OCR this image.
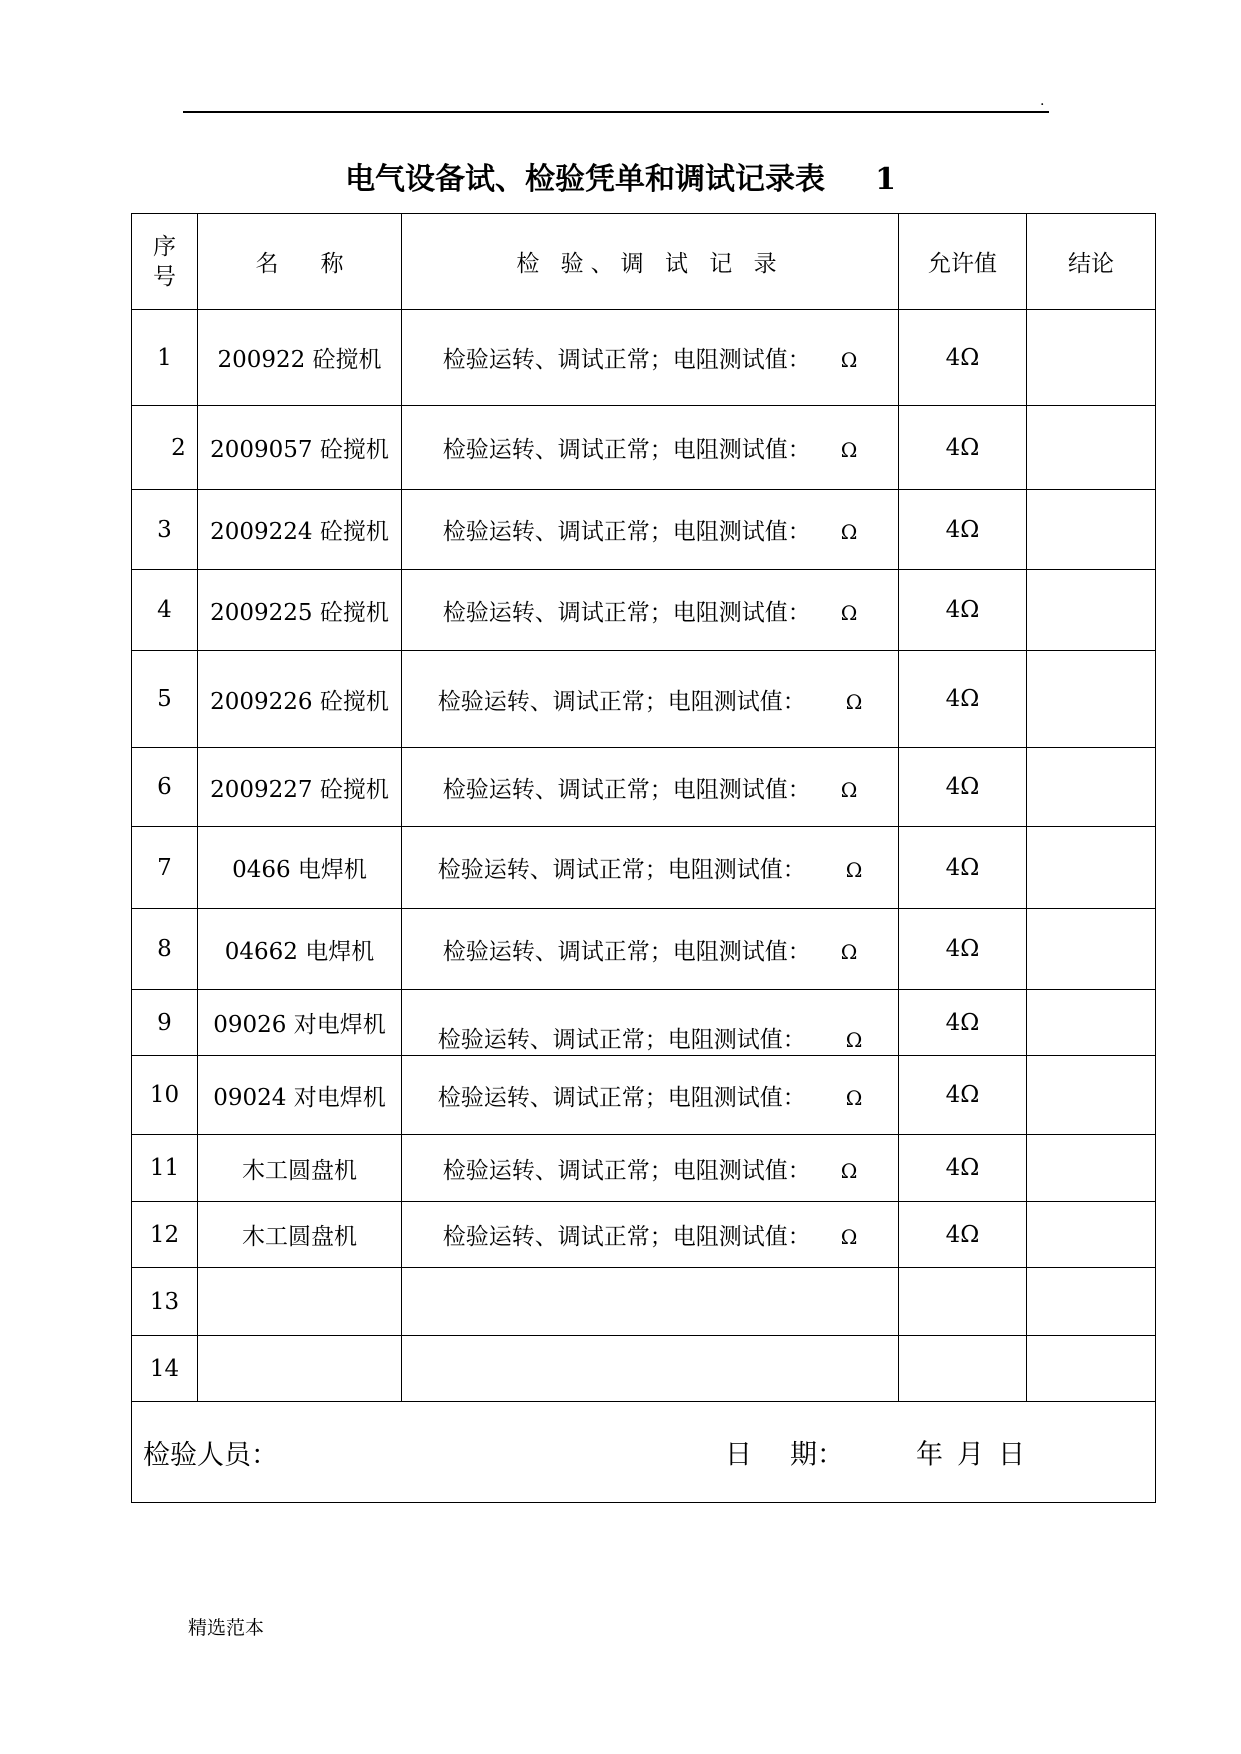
.
电气设备试、检验凭单和调试记录表 1
序
号	名 称	检 验、调 试 记 录	允许值	结论
1	200922 砼搅机	检验运转、调试正常；电阻测试值： Ω	4Ω	
2	2009057 砼搅机	检验运转、调试正常；电阻测试值： Ω	4Ω	
3	2009224 砼搅机	检验运转、调试正常；电阻测试值： Ω	4Ω	
4	2009225 砼搅机	检验运转、调试正常；电阻测试值： Ω	4Ω	
5	2009226 砼搅机	检验运转、调试正常；电阻测试值： Ω	4Ω	
6	2009227 砼搅机	检验运转、调试正常；电阻测试值： Ω	4Ω	
7	0466 电焊机	检验运转、调试正常；电阻测试值： Ω	4Ω	
8	04662 电焊机	检验运转、调试正常；电阻测试值： Ω	4Ω	
9	09026 对电焊机	检验运转、调试正常；电阻测试值： Ω	4Ω	
10	09024 对电焊机	检验运转、调试正常；电阻测试值： Ω	4Ω	
11	木工圆盘机	检验运转、调试正常；电阻测试值： Ω	4Ω	
12	木工圆盘机	检验运转、调试正常；电阻测试值： Ω	4Ω	
13				
14				
检验人员： 日 期： 年 月 日				
精选范本
